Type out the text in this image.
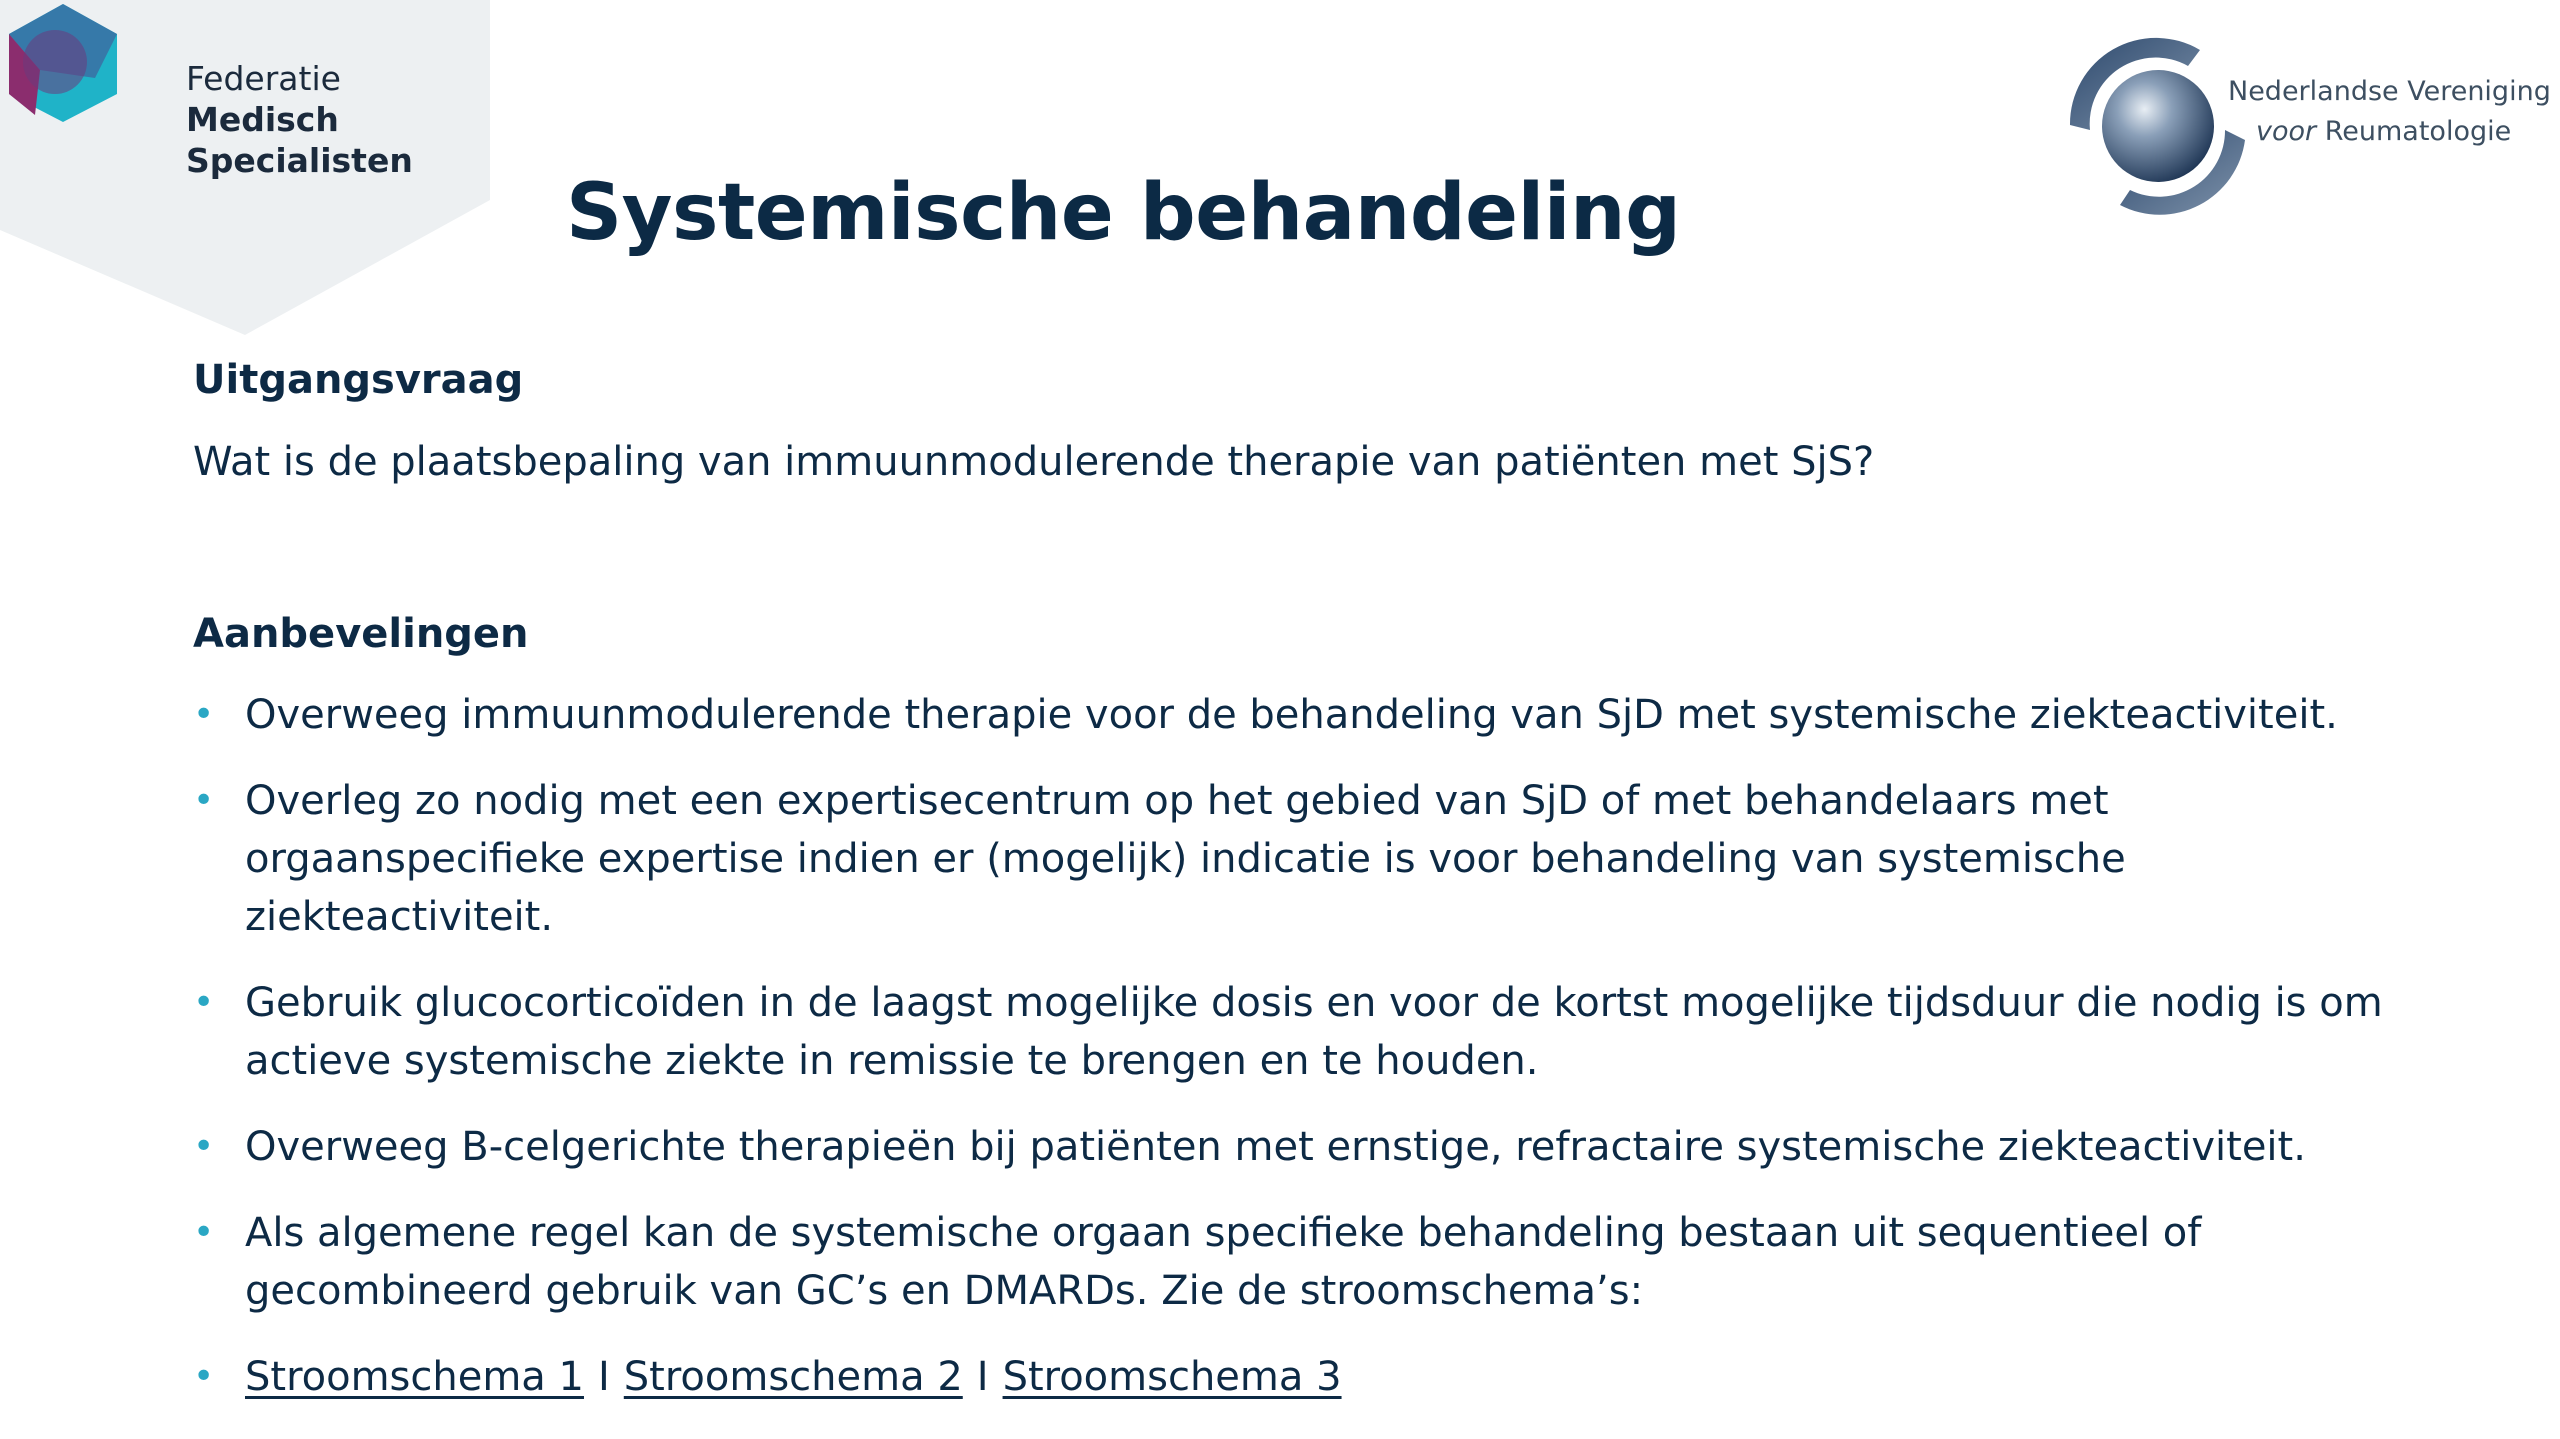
Federatie
Medisch
Specialisten
Nederlandse Vereniging
voor Reumatologie
Systemische behandeling

Uitgangsvraag

Wat is de plaatsbepaling van immuunmodulerende therapie van patiënten met SjS?

Aanbevelingen

• Overweeg immuunmodulerende therapie voor de behandeling van SjD met systemische ziekteactiviteit.
• Overleg zo nodig met een expertisecentrum op het gebied van SjD of met behandelaars met orgaanspecifieke expertise indien er (mogelijk) indicatie is voor behandeling van systemische ziekteactiviteit.
• Gebruik glucocorticoïden in de laagst mogelijke dosis en voor de kortst mogelijke tijdsduur die nodig is om actieve systemische ziekte in remissie te brengen en te houden.
• Overweeg B-celgerichte therapieën bij patiënten met ernstige, refractaire systemische ziekteactiviteit.
• Als algemene regel kan de systemische orgaan specifieke behandeling bestaan uit sequentieel of gecombineerd gebruik van GC’s en DMARDs. Zie de stroomschema’s:
• Stroomschema 1 I Stroomschema 2 I Stroomschema 3
